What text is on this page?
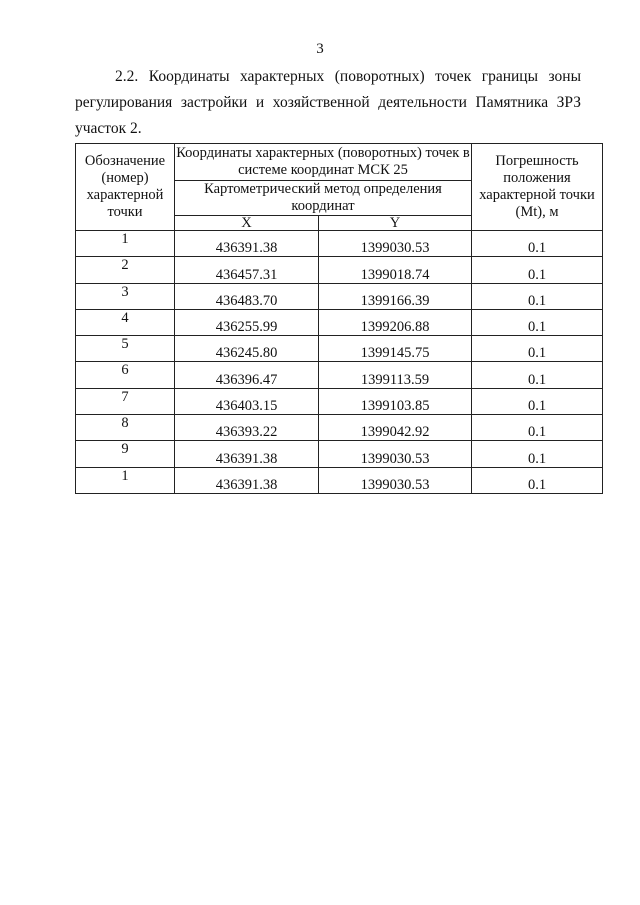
3
2.2. Координаты характерных (поворотных) точек границы зоны
регулирования застройки и хозяйственной деятельности Памятника ЗРЗ
участок 2.
Обозначение (номер) характерной точки	Координаты характерных (поворотных) точек в системе координат МСК 25		Погрешность положения характерной точки (Mt), м
	Картометрический метод определения координат		
	X	Y	
1	436391.38	1399030.53	0.1
2	436457.31	1399018.74	0.1
3	436483.70	1399166.39	0.1
4	436255.99	1399206.88	0.1
5	436245.80	1399145.75	0.1
6	436396.47	1399113.59	0.1
7	436403.15	1399103.85	0.1
8	436393.22	1399042.92	0.1
9	436391.38	1399030.53	0.1
1	436391.38	1399030.53	0.1
